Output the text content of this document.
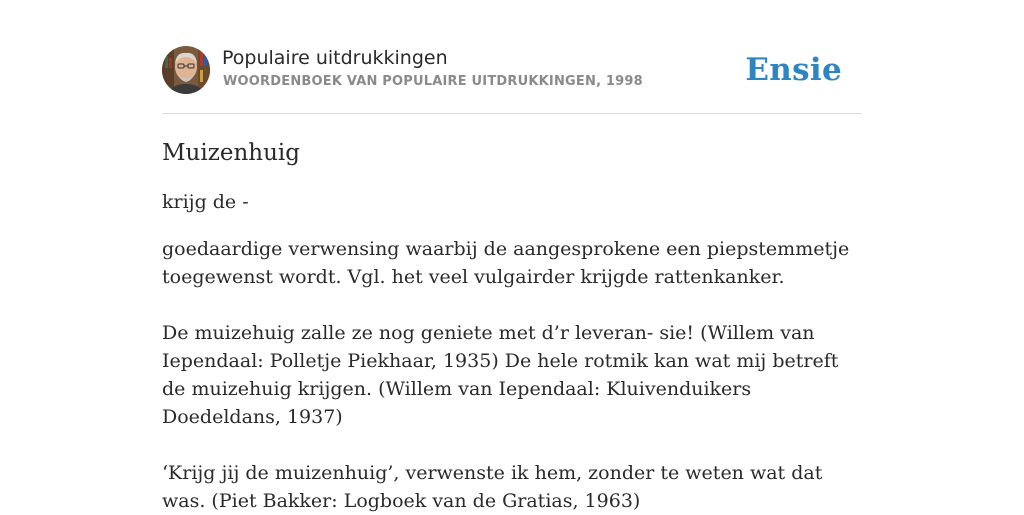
Populaire uitdrukkingen
WOORDENBOEK VAN POPULAIRE UITDRUKKINGEN, 1998	Ensie
Muizenhuig

krijg de -

goedaardige verwensing waarbij de aangesprokene een piepstemmetje toegewenst wordt. Vgl. het veel vulgairder krijgde rattenkanker.

De muizehuig zalle ze nog geniete met d’r leveran- sie! (Willem van Iependaal: Polletje Piekhaar, 1935) De hele rotmik kan wat mij betreft de muizehuig krijgen. (Willem van Iependaal: Kluivenduikers Doedeldans, 1937)

‘Krijg jij de muizenhuig’, verwenste ik hem, zonder te weten wat dat was. (Piet Bakker: Logboek van de Gratias, 1963)
